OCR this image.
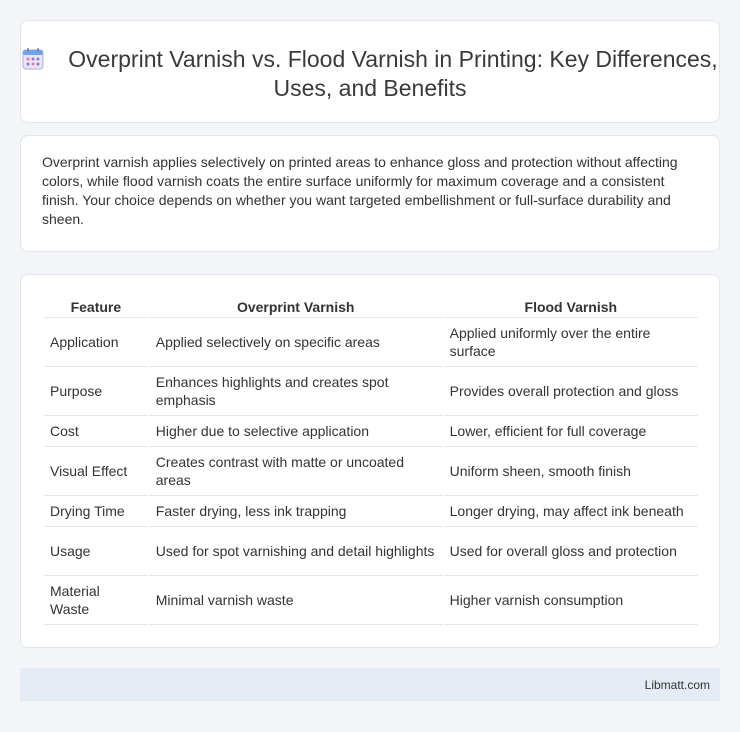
Overprint Varnish vs. Flood Varnish in Printing: Key Differences, Uses, and Benefits

Overprint varnish applies selectively on printed areas to enhance gloss and protection without affecting colors, while flood varnish coats the entire surface uniformly for maximum coverage and a consistent finish. Your choice depends on whether you want targeted embellishment or full-surface durability and sheen.

Feature	Overprint Varnish	Flood Varnish
Application	Applied selectively on specific areas	Applied uniformly over the entire surface
Purpose	Enhances highlights and creates spot emphasis	Provides overall protection and gloss
Cost	Higher due to selective application	Lower, efficient for full coverage
Visual Effect	Creates contrast with matte or uncoated areas	Uniform sheen, smooth finish
Drying Time	Faster drying, less ink trapping	Longer drying, may affect ink beneath
Usage	Used for spot varnishing and detail highlights	Used for overall gloss and protection
Material Waste	Minimal varnish waste	Higher varnish consumption
Libmatt.com
